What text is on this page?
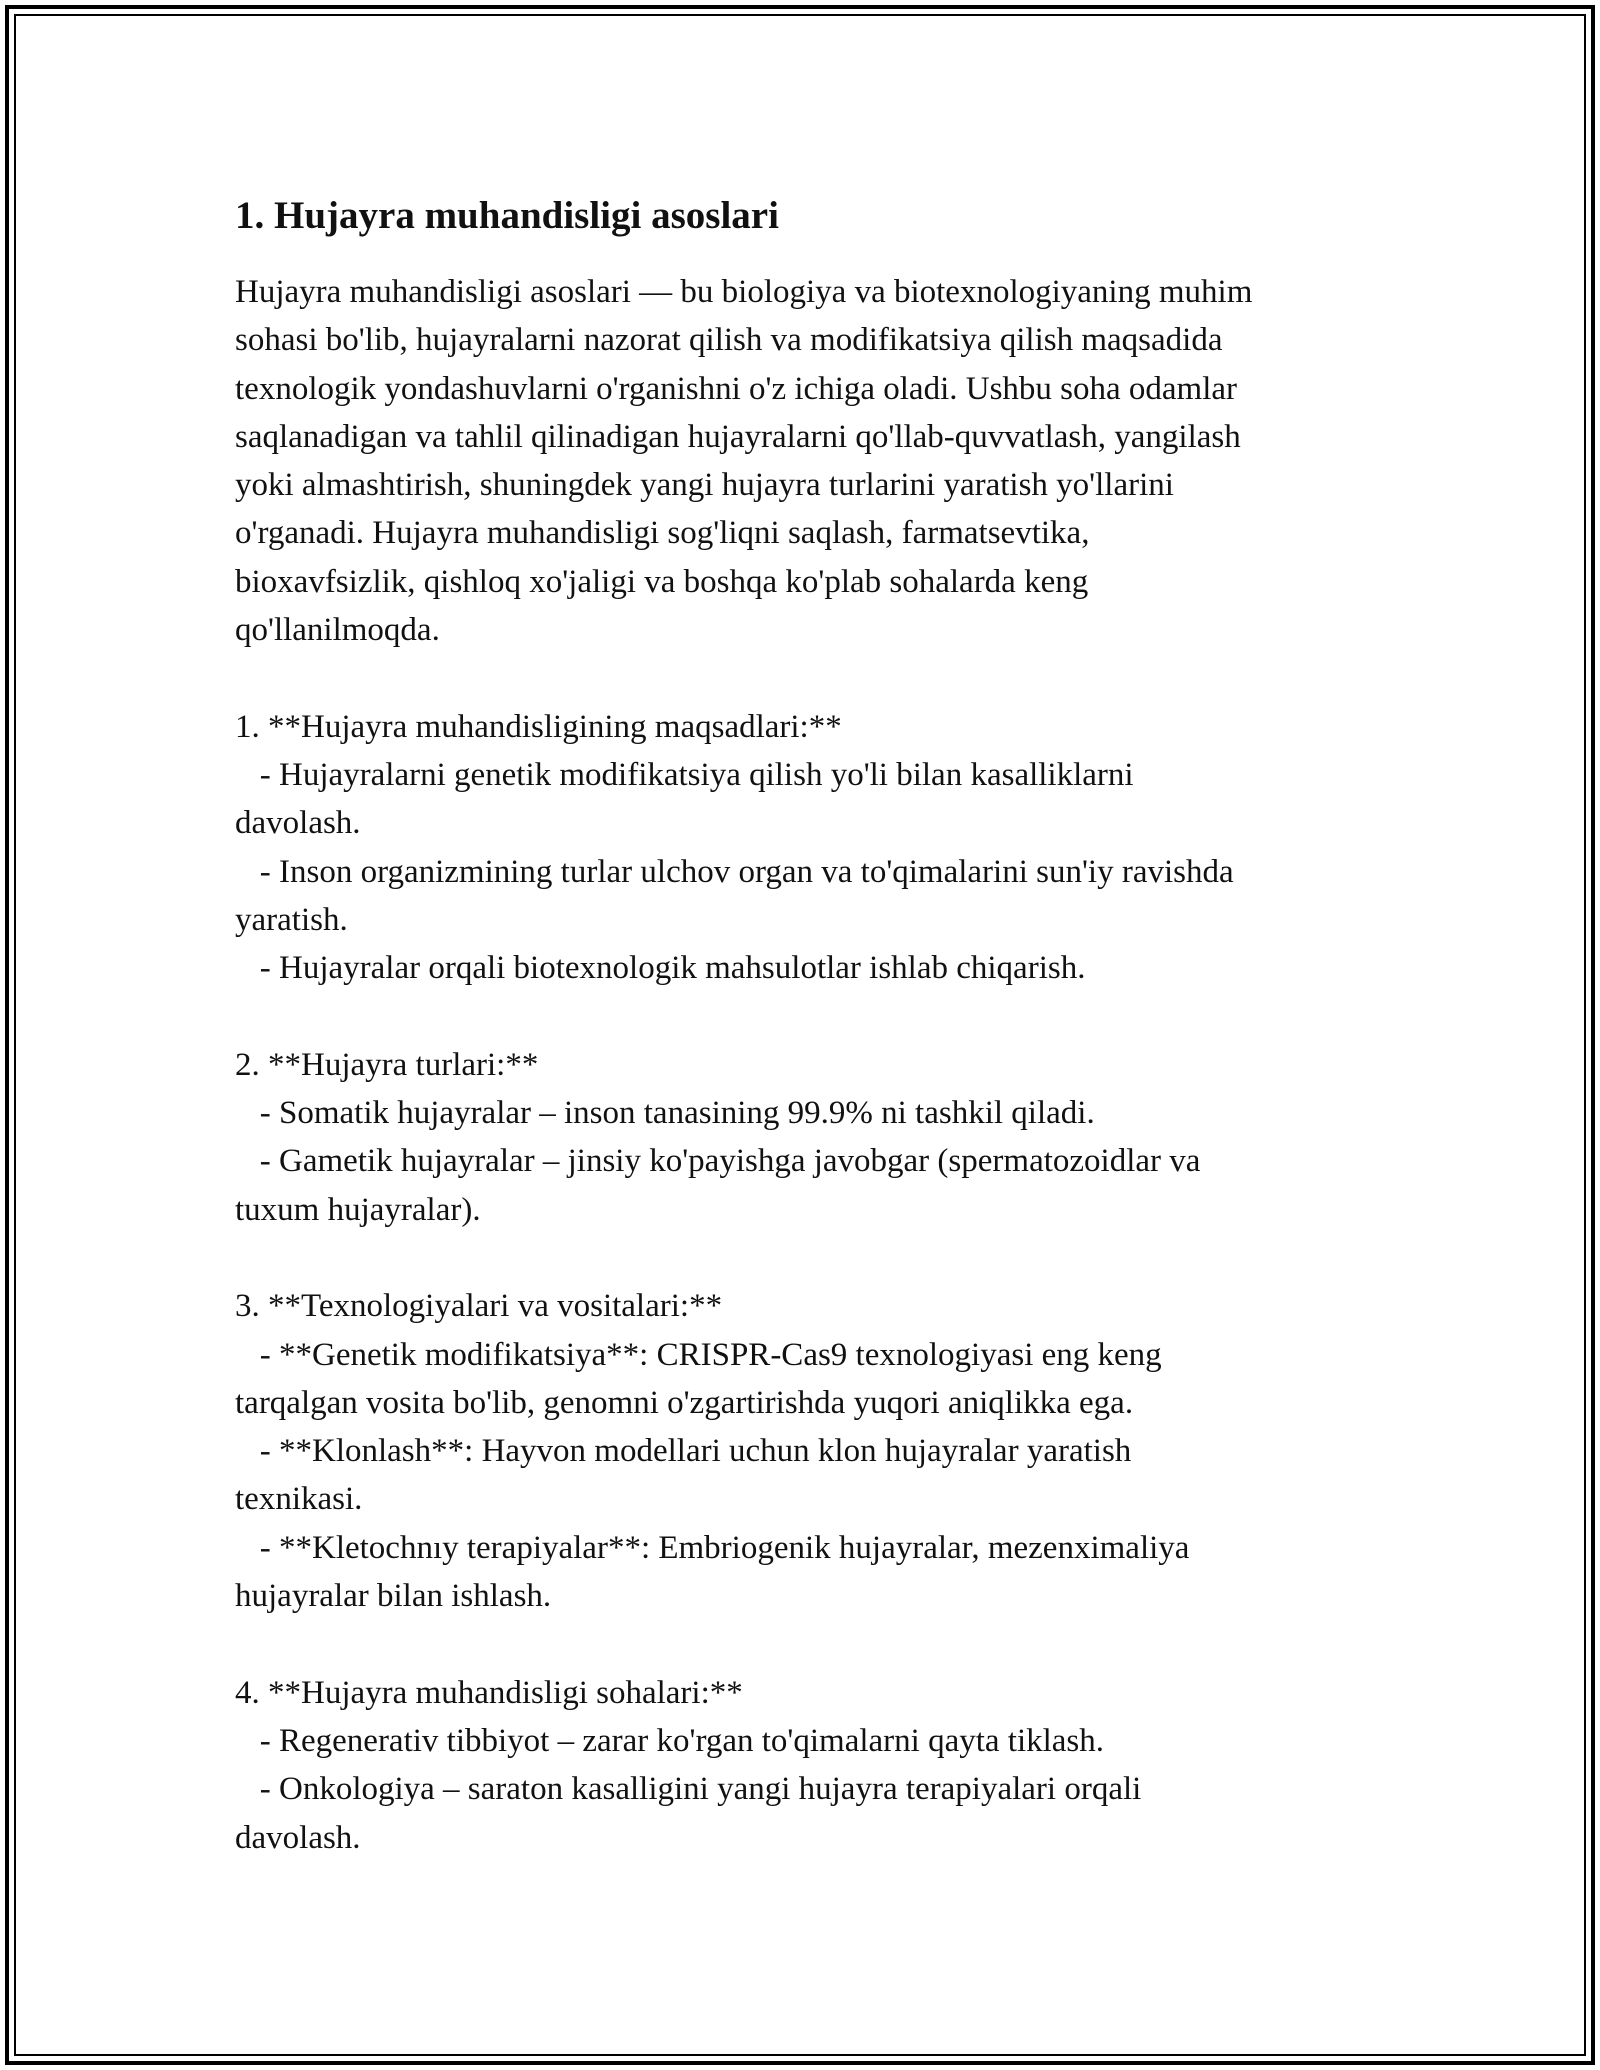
1. Hujayra muhandisligi asoslari

Hujayra muhandisligi asoslari — bu biologiya va biotexnologiyaning muhim
sohasi bo'lib, hujayralarni nazorat qilish va modifikatsiya qilish maqsadida
texnologik yondashuvlarni o'rganishni o'z ichiga oladi. Ushbu soha odamlar
saqlanadigan va tahlil qilinadigan hujayralarni qo'llab-quvvatlash, yangilash
yoki almashtirish, shuningdek yangi hujayra turlarini yaratish yo'llarini
o'rganadi. Hujayra muhandisligi sog'liqni saqlash, farmatsevtika,
bioxavfsizlik, qishloq xo'jaligi va boshqa ko'plab sohalarda keng
qo'llanilmoqda.

1. **Hujayra muhandisligining maqsadlari:**
- Hujayralarni genetik modifikatsiya qilish yo'li bilan kasalliklarni
davolash.
- Inson organizmining turlar ulchov organ va to'qimalarini sun'iy ravishda
yaratish.
- Hujayralar orqali biotexnologik mahsulotlar ishlab chiqarish.

2. **Hujayra turlari:**
- Somatik hujayralar – inson tanasining 99.9% ni tashkil qiladi.
- Gametik hujayralar – jinsiy ko'payishga javobgar (spermatozoidlar va
tuxum hujayralar).

3. **Texnologiyalari va vositalari:**
- **Genetik modifikatsiya**: CRISPR-Cas9 texnologiyasi eng keng
tarqalgan vosita bo'lib, genomni o'zgartirishda yuqori aniqlikka ega.
- **Klonlash**: Hayvon modellari uchun klon hujayralar yaratish
texnikasi.
- **Kletochnıy terapiyalar**: Embriogenik hujayralar, mezenximaliya
hujayralar bilan ishlash.

4. **Hujayra muhandisligi sohalari:**
- Regenerativ tibbiyot – zarar ko'rgan to'qimalarni qayta tiklash.
- Onkologiya – saraton kasalligini yangi hujayra terapiyalari orqali
davolash.
